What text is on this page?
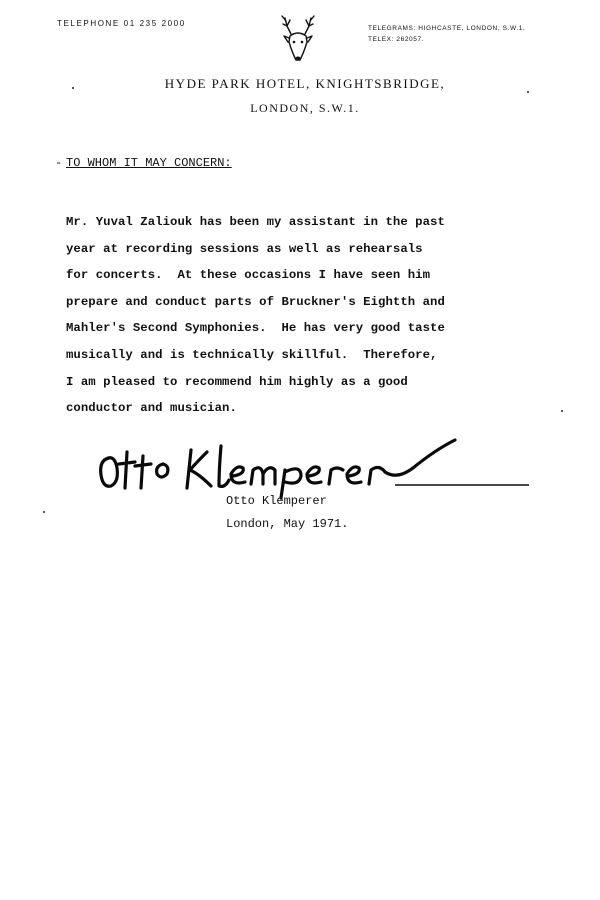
TELEPHONE 01 235 2000
TELEGRAMS: HIGHCASTE, LONDON, S.W.1.
TELEX: 262057.
HYDE PARK HOTEL, KNIGHTSBRIDGE,
LONDON, S.W.1.
- TO WHOM IT MAY CONCERN:
Mr. Yuval Zaliouk has been my assistant in the past
year at recording sessions as well as rehearsals
for concerts.  At these occasions I have seen him
prepare and conduct parts of Bruckner's Eightth and
Mahler's Second Symphonies.  He has very good taste
musically and is technically skillful.  Therefore,
I am pleased to recommend him highly as a good
conductor and musician.
Otto Klemperer
London, May 1971.
